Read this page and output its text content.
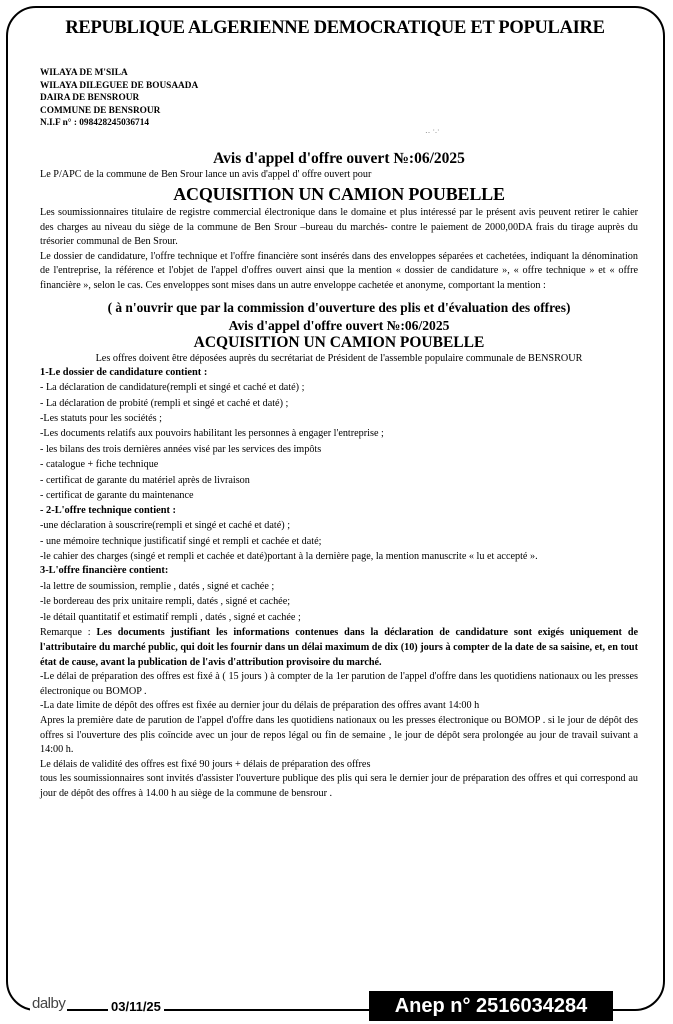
REPUBLIQUE ALGERIENNE DEMOCRATIQUE ET POPULAIRE
WILAYA DE M'SILA
WILAYA DILEGUEE DE BOUSAADA
DAIRA DE BENSROUR
COMMUNE DE BENSROUR
N.I.F n° : 098428245036714
Avis d'appel d'offre ouvert №:06/2025
Le P/APC de la commune de Ben Srour lance un avis d'appel d' offre ouvert pour
ACQUISITION UN CAMION POUBELLE
Les soumissionnaires titulaire de registre commercial électronique dans le domaine et plus intéressé par le présent avis peuvent retirer le cahier des charges au niveau du siège de la commune de Ben Srour –bureau du marchés- contre le paiement de 2000,00DA frais du tirage auprès du trésorier communal de Ben Srour.
Le dossier de candidature, l'offre technique et l'offre financière sont insérés dans des enveloppes séparées et cachetées, indiquant la dénomination de l'entreprise, la référence et l'objet de l'appel d'offres ouvert ainsi que la mention « dossier de candidature », « offre technique » et « offre financière », selon le cas. Ces enveloppes sont mises dans un autre enveloppe cachetée et anonyme, comportant la mention :
( à n'ouvrir que par la commission d'ouverture des plis et d'évaluation des offres)
Avis d'appel d'offre ouvert №:06/2025
ACQUISITION UN CAMION POUBELLE
Les offres doivent être déposées auprès du secrétariat de Président de l'assemble populaire communale de BENSROUR
1-Le dossier de candidature contient :
- La déclaration de candidature(rempli et singé et caché et daté) ;
- La déclaration de probité (rempli et singé et caché et daté) ;
-Les statuts pour les sociétés ;
-Les documents relatifs aux pouvoirs habilitant les personnes à engager l'entreprise ;
- les bilans des trois dernières années visé par les services des impôts
- catalogue + fiche technique
- certificat de garante du matériel après de livraison
- certificat de garante du maintenance
- 2-L'offre technique contient :
-une déclaration à souscrire(rempli et singé et caché et daté) ;
- une mémoire technique justificatif singé et rempli et cachée et daté;
-le cahier des charges (singé et rempli et cachée et daté)portant à la dernière page, la mention manuscrite « lu et accepté ».
3-L'offre financière contient:
-la lettre de soumission, remplie , datés , signé et cachée ;
-le bordereau des prix unitaire rempli, datés , signé et cachée;
-le détail quantitatif et estimatif rempli , datés , signé et cachée ;
Remarque : Les documents justifiant les informations contenues dans la déclaration de candidature sont exigés uniquement de l'attributaire du marché public, qui doit les fournir dans un délai maximum de dix (10) jours à compter de la date de sa saisine, et, en tout état de cause, avant la publication de l'avis d'attribution provisoire du marché.
-Le délai de préparation des offres est fixé à ( 15 jours ) à compter de la 1er parution de l'appel d'offre dans les quotidiens nationaux ou les presses électronique ou BOMOP .
-La date limite de dépôt des offres est fixée au dernier jour du délais de préparation des offres avant 14:00 h
Apres la première date de parution de l'appel d'offre dans les quotidiens nationaux ou les presses électronique ou BOMOP . si le jour de dépôt des offres si l'ouverture des plis coïncide avec un jour de repos légal ou fin de semaine , le jour de dépôt sera prolongée au jour de travail suivant a 14:00 h.
Le délais de validité des offres est fixé 90 jours + délais de préparation des offres
tous les soumissionnaires sont invités d'assister l'ouverture publique des plis qui sera le dernier jour de préparation des offres et qui correspond au jour de dépôt des offres à 14.00 h au siège de la commune de bensrour .
‥ ·.·
dalby	03/11/25	Anep n° 2516034284
